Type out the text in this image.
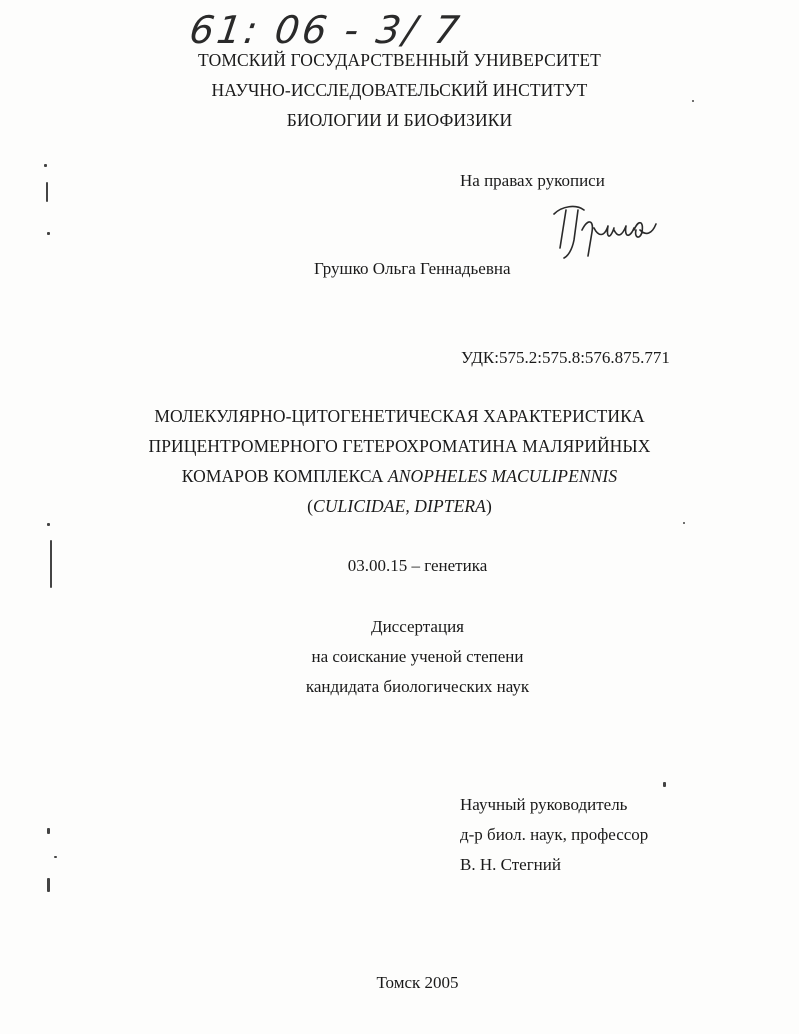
61: 06 - 3/ 7
ТОМСКИЙ ГОСУДАРСТВЕННЫЙ УНИВЕРСИТЕТ
НАУЧНО-ИССЛЕДОВАТЕЛЬСКИЙ ИНСТИТУТ
БИОЛОГИИ И БИОФИЗИКИ
На правах рукописи
Грушко Ольга Геннадьевна
УДК:575.2:575.8:576.875.771
МОЛЕКУЛЯРНО-ЦИТОГЕНЕТИЧЕСКАЯ ХАРАКТЕРИСТИКА
ПРИЦЕНТРОМЕРНОГО ГЕТЕРОХРОМАТИНА МАЛЯРИЙНЫХ
КОМАРОВ КОМПЛЕКСА ANOPHELES MACULIPENNIS
(CULICIDAE, DIPTERA)
03.00.15 – генетика
Диссертация
на соискание ученой степени
кандидата биологических наук
Научный руководитель
д-р биол. наук, профессор
В. Н. Стегний
Томск 2005
